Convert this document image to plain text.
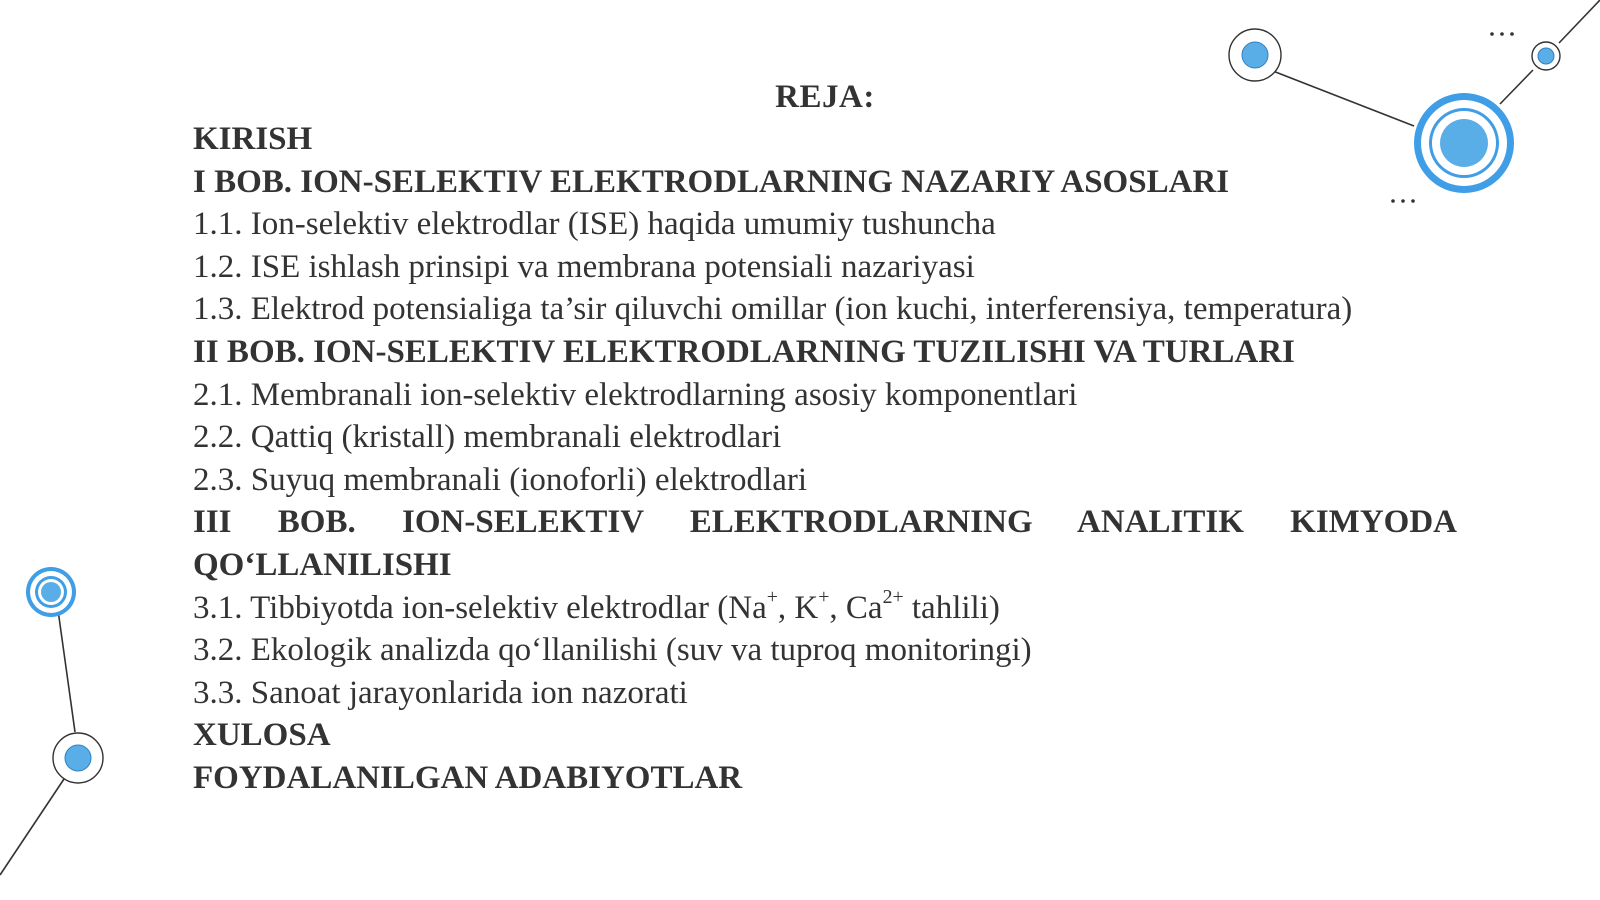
REJA:
KIRISH
I BOB. ION-SELEKTIV ELEKTRODLARNING NAZARIY ASOSLARI
1.1. Ion-selektiv elektrodlar (ISE) haqida umumiy tushuncha
1.2. ISE ishlash prinsipi va membrana potensiali nazariyasi
1.3. Elektrod potensialiga ta’sir qiluvchi omillar (ion kuchi, interferensiya, temperatura)
II BOB. ION-SELEKTIV ELEKTRODLARNING TUZILISHI VA TURLARI
2.1. Membranali ion-selektiv elektrodlarning asosiy komponentlari
2.2. Qattiq (kristall) membranali elektrodlari
2.3. Suyuq membranali (ionoforli) elektrodlari
III BOB. ION-SELEKTIV ELEKTRODLARNING ANALITIK KIMYODA QO‘LLANILISHI
3.1. Tibbiyotda ion-selektiv elektrodlar (Na+, K+, $Ca^{2+}$ tahlili)
3.2. Ekologik analizda qo‘llanilishi (suv va tuproq monitoringi)
3.3. Sanoat jarayonlarida ion nazorati
XULOSA
FOYDALANILGAN ADABIYOTLAR
